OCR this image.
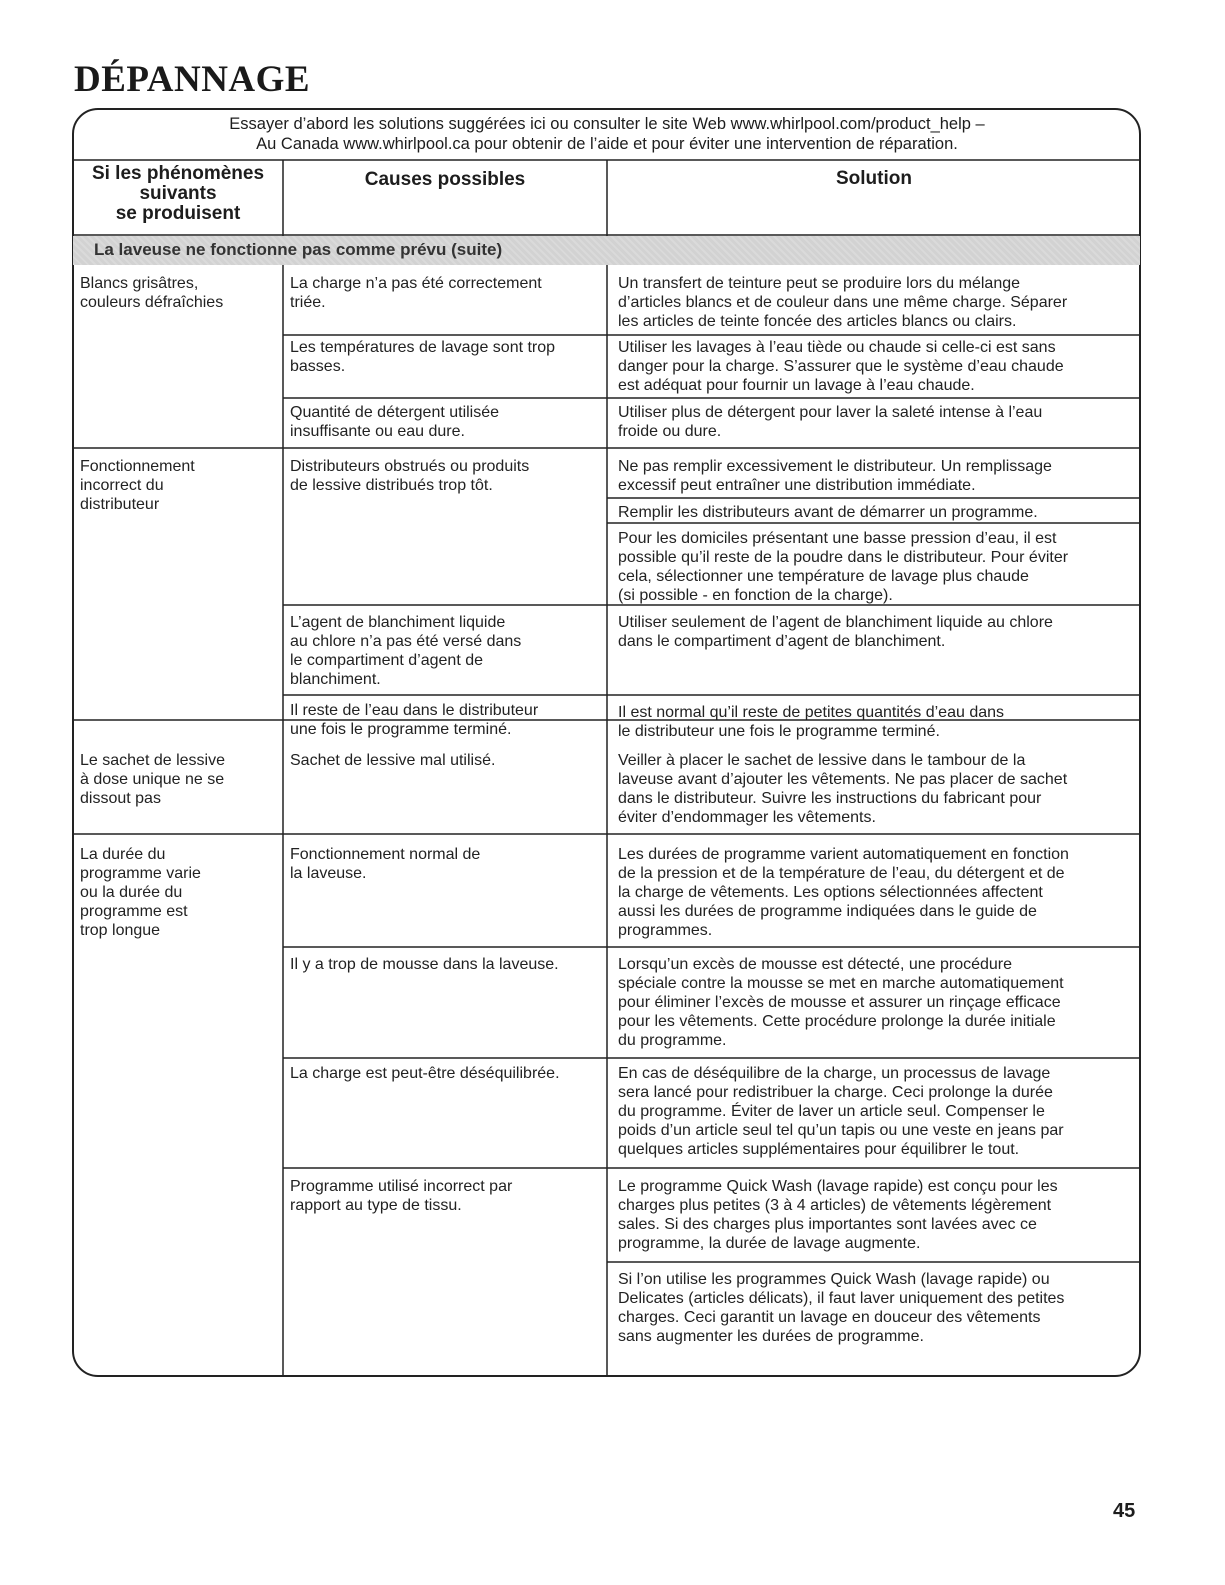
DÉPANNAGE
Essayer d’abord les solutions suggérées ici ou consulter le site Web www.whirlpool.com/product_help –
Au Canada www.whirlpool.ca pour obtenir de l’aide et pour éviter une intervention de réparation.
Si les phénomènes
suivants
se produisent
Causes possibles	Solution
La laveuse ne fonctionne pas comme prévu (suite)
Blancs grisâtres,
couleurs défraîchies
Fonctionnement
incorrect du
distributeur
Le sachet de lessive
à dose unique ne se
dissout pas
La durée du
programme varie
ou la durée du
programme est
trop longue
La charge n’a pas été correctement
triée.
Les températures de lavage sont trop
basses.
Quantité de détergent utilisée
insuffisante ou eau dure.
Distributeurs obstrués ou produits
de lessive distribués trop tôt.
L’agent de blanchiment liquide
au chlore n’a pas été versé dans
le compartiment d’agent de
blanchiment.
Il reste de l’eau dans le distributeur
une fois le programme terminé.
Sachet de lessive mal utilisé.
Fonctionnement normal de
la laveuse.
Il y a trop de mousse dans la laveuse.
La charge est peut-être déséquilibrée.
Programme utilisé incorrect par
rapport au type de tissu.
Un transfert de teinture peut se produire lors du mélange
d’articles blancs et de couleur dans une même charge. Séparer
les articles de teinte foncée des articles blancs ou clairs.
Utiliser les lavages à l’eau tiède ou chaude si celle-ci est sans
danger pour la charge. S’assurer que le système d’eau chaude
est adéquat pour fournir un lavage à l’eau chaude.
Utiliser plus de détergent pour laver la saleté intense à l’eau
froide ou dure.
Ne pas remplir excessivement le distributeur. Un remplissage
excessif peut entraîner une distribution immédiate.
Remplir les distributeurs avant de démarrer un programme.
Pour les domiciles présentant une basse pression d’eau, il est
possible qu’il reste de la poudre dans le distributeur. Pour éviter
cela, sélectionner une température de lavage plus chaude
(si possible - en fonction de la charge).
Utiliser seulement de l’agent de blanchiment liquide au chlore
dans le compartiment d’agent de blanchiment.
Il est normal qu’il reste de petites quantités d’eau dans
le distributeur une fois le programme terminé.
Veiller à placer le sachet de lessive dans le tambour de la
laveuse avant d’ajouter les vêtements. Ne pas placer de sachet
dans le distributeur. Suivre les instructions du fabricant pour
éviter d’endommager les vêtements.
Les durées de programme varient automatiquement en fonction
de la pression et de la température de l’eau, du détergent et de
la charge de vêtements. Les options sélectionnées affectent
aussi les durées de programme indiquées dans le guide de
programmes.
Lorsqu’un excès de mousse est détecté, une procédure
spéciale contre la mousse se met en marche automatiquement
pour éliminer l’excès de mousse et assurer un rinçage efficace
pour les vêtements. Cette procédure prolonge la durée initiale
du programme.
En cas de déséquilibre de la charge, un processus de lavage
sera lancé pour redistribuer la charge. Ceci prolonge la durée
du programme. Éviter de laver un article seul. Compenser le
poids d’un article seul tel qu’un tapis ou une veste en jeans par
quelques articles supplémentaires pour équilibrer le tout.
Le programme Quick Wash (lavage rapide) est conçu pour les
charges plus petites (3 à 4 articles) de vêtements légèrement
sales. Si des charges plus importantes sont lavées avec ce
programme, la durée de lavage augmente.
Si l’on utilise les programmes Quick Wash (lavage rapide) ou
Delicates (articles délicats), il faut laver uniquement des petites
charges. Ceci garantit un lavage en douceur des vêtements
sans augmenter les durées de programme.
45
